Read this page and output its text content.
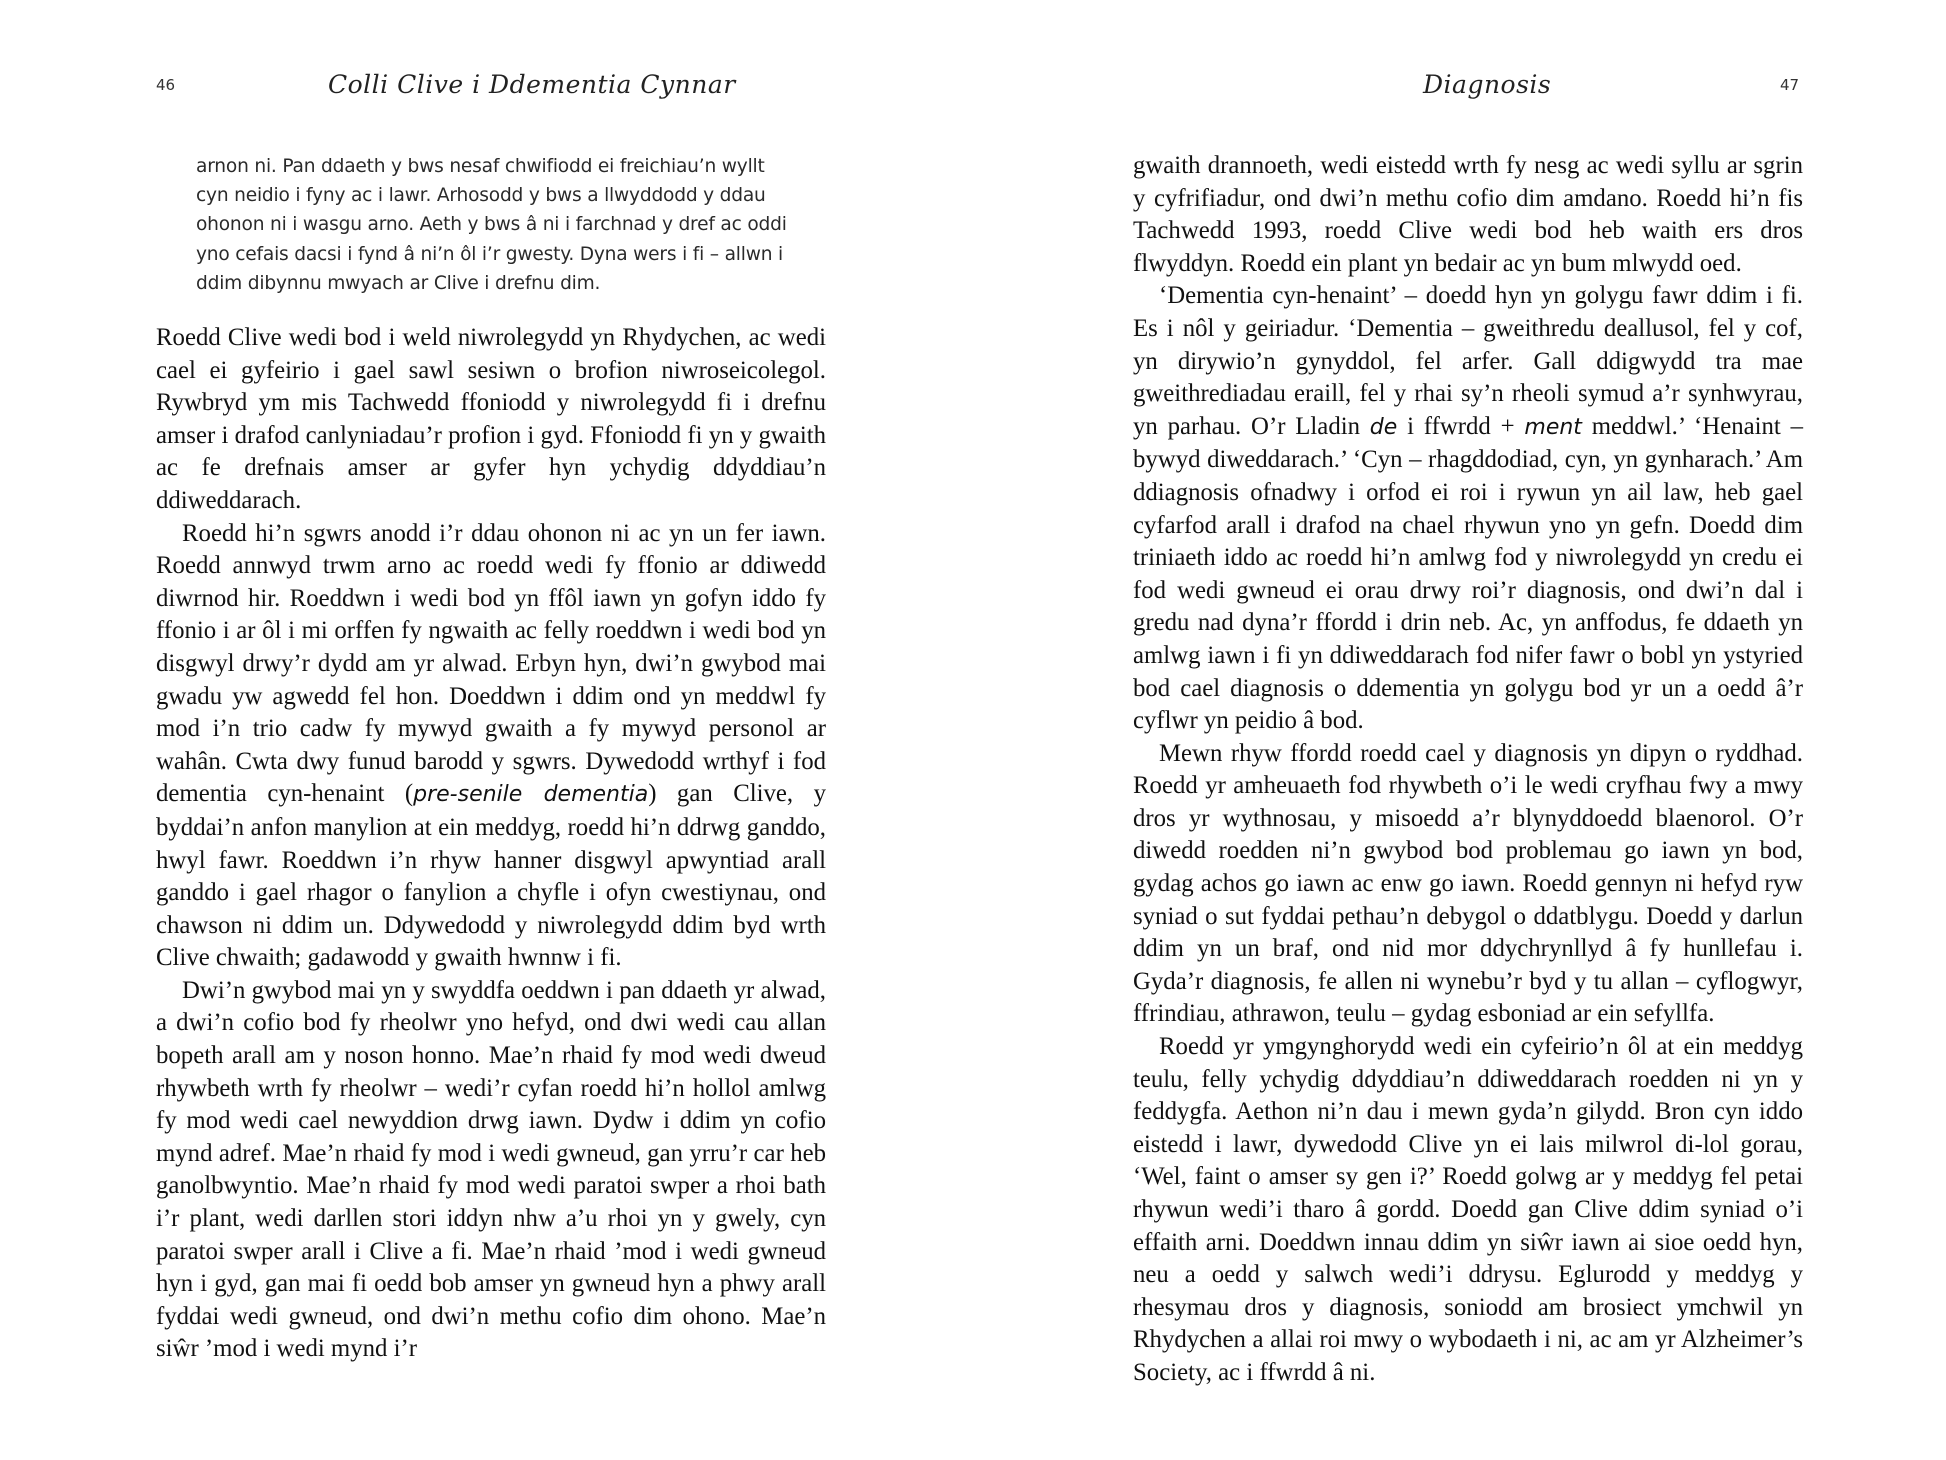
46	Colli Clive i Ddementia Cynnar

arnon ni. Pan ddaeth y bws nesaf chwifiodd ei freichiau’n wyllt cyn neidio i fyny ac i lawr. Arhosodd y bws a llwyddodd y ddau ohonon ni i wasgu arno. Aeth y bws â ni i farchnad y dref ac oddi yno cefais dacsi i fynd â ni’n ôl i’r gwesty. Dyna wers i fi – allwn i ddim dibynnu mwyach ar Clive i drefnu dim.

Roedd Clive wedi bod i weld niwrolegydd yn Rhydychen, ac wedi cael ei gyfeirio i gael sawl sesiwn o brofion niwroseicolegol. Rywbryd ym mis Tachwedd ffoniodd y niwrolegydd fi i drefnu amser i drafod canlyniadau’r profion i gyd. Ffoniodd fi yn y gwaith ac fe drefnais amser ar gyfer hyn ychydig ddyddiau’n ddiweddarach.

Roedd hi’n sgwrs anodd i’r ddau ohonon ni ac yn un fer iawn. Roedd annwyd trwm arno ac roedd wedi fy ffonio ar ddiwedd diwrnod hir. Roeddwn i wedi bod yn ffôl iawn yn gofyn iddo fy ffonio i ar ôl i mi orffen fy ngwaith ac felly roeddwn i wedi bod yn disgwyl drwy’r dydd am yr alwad. Erbyn hyn, dwi’n gwybod mai gwadu yw agwedd fel hon. Doeddwn i ddim ond yn meddwl fy mod i’n trio cadw fy mywyd gwaith a fy mywyd personol ar wahân. Cwta dwy funud barodd y sgwrs. Dywedodd wrthyf i fod dementia cyn-henaint (pre-senile dementia) gan Clive, y byddai’n anfon manylion at ein meddyg, roedd hi’n ddrwg ganddo, hwyl fawr. Roeddwn i’n rhyw hanner disgwyl apwyntiad arall ganddo i gael rhagor o fanylion a chyfle i ofyn cwestiynau, ond chawson ni ddim un. Ddywedodd y niwrolegydd ddim byd wrth Clive chwaith; gadawodd y gwaith hwnnw i fi.

Dwi’n gwybod mai yn y swyddfa oeddwn i pan ddaeth yr alwad, a dwi’n cofio bod fy rheolwr yno hefyd, ond dwi wedi cau allan bopeth arall am y noson honno. Mae’n rhaid fy mod wedi dweud rhywbeth wrth fy rheolwr – wedi’r cyfan roedd hi’n hollol amlwg fy mod wedi cael newyddion drwg iawn. Dydw i ddim yn cofio mynd adref. Mae’n rhaid fy mod i wedi gwneud, gan yrru’r car heb ganolbwyntio. Mae’n rhaid fy mod wedi paratoi swper a rhoi bath i’r plant, wedi darllen stori iddyn nhw a’u rhoi yn y gwely, cyn paratoi swper arall i Clive a fi. Mae’n rhaid ’mod i wedi gwneud hyn i gyd, gan mai fi oedd bob amser yn gwneud hyn a phwy arall fyddai wedi gwneud, ond dwi’n methu cofio dim ohono. Mae’n siŵr ’mod i wedi mynd i’r

Diagnosis	47

gwaith drannoeth, wedi eistedd wrth fy nesg ac wedi syllu ar sgrin y cyfrifiadur, ond dwi’n methu cofio dim amdano. Roedd hi’n fis Tachwedd 1993, roedd Clive wedi bod heb waith ers dros flwyddyn. Roedd ein plant yn bedair ac yn bum mlwydd oed.

‘Dementia cyn-henaint’ – doedd hyn yn golygu fawr ddim i fi. Es i nôl y geiriadur. ‘Dementia – gweithredu deallusol, fel y cof, yn dirywio’n gynyddol, fel arfer. Gall ddigwydd tra mae gweithrediadau eraill, fel y rhai sy’n rheoli symud a’r synhwyrau, yn parhau. O’r Lladin de i ffwrdd + ment meddwl.’ ‘Henaint – bywyd diweddarach.’ ‘Cyn – rhagddodiad, cyn, yn gynharach.’ Am ddiagnosis ofnadwy i orfod ei roi i rywun yn ail law, heb gael cyfarfod arall i drafod na chael rhywun yno yn gefn. Doedd dim triniaeth iddo ac roedd hi’n amlwg fod y niwrolegydd yn credu ei fod wedi gwneud ei orau drwy roi’r diagnosis, ond dwi’n dal i gredu nad dyna’r ffordd i drin neb. Ac, yn anffodus, fe ddaeth yn amlwg iawn i fi yn ddiweddarach fod nifer fawr o bobl yn ystyried bod cael diagnosis o ddementia yn golygu bod yr un a oedd â’r cyflwr yn peidio â bod.

Mewn rhyw ffordd roedd cael y diagnosis yn dipyn o ryddhad. Roedd yr amheuaeth fod rhywbeth o’i le wedi cryfhau fwy a mwy dros yr wythnosau, y misoedd a’r blynyddoedd blaenorol. O’r diwedd roedden ni’n gwybod bod problemau go iawn yn bod, gydag achos go iawn ac enw go iawn. Roedd gennyn ni hefyd ryw syniad o sut fyddai pethau’n debygol o ddatblygu. Doedd y darlun ddim yn un braf, ond nid mor ddychrynllyd â fy hunllefau i. Gyda’r diagnosis, fe allen ni wynebu’r byd y tu allan – cyflogwyr, ffrindiau, athrawon, teulu – gydag esboniad ar ein sefyllfa.

Roedd yr ymgynghorydd wedi ein cyfeirio’n ôl at ein meddyg teulu, felly ychydig ddyddiau’n ddiweddarach roedden ni yn y feddygfa. Aethon ni’n dau i mewn gyda’n gilydd. Bron cyn iddo eistedd i lawr, dywedodd Clive yn ei lais milwrol di-lol gorau, ‘Wel, faint o amser sy gen i?’ Roedd golwg ar y meddyg fel petai rhywun wedi’i tharo â gordd. Doedd gan Clive ddim syniad o’i effaith arni. Doeddwn innau ddim yn siŵr iawn ai sioe oedd hyn, neu a oedd y salwch wedi’i ddrysu. Eglurodd y meddyg y rhesymau dros y diagnosis, soniodd am brosiect ymchwil yn Rhydychen a allai roi mwy o wybodaeth i ni, ac am yr Alzheimer’s Society, ac i ffwrdd â ni.
